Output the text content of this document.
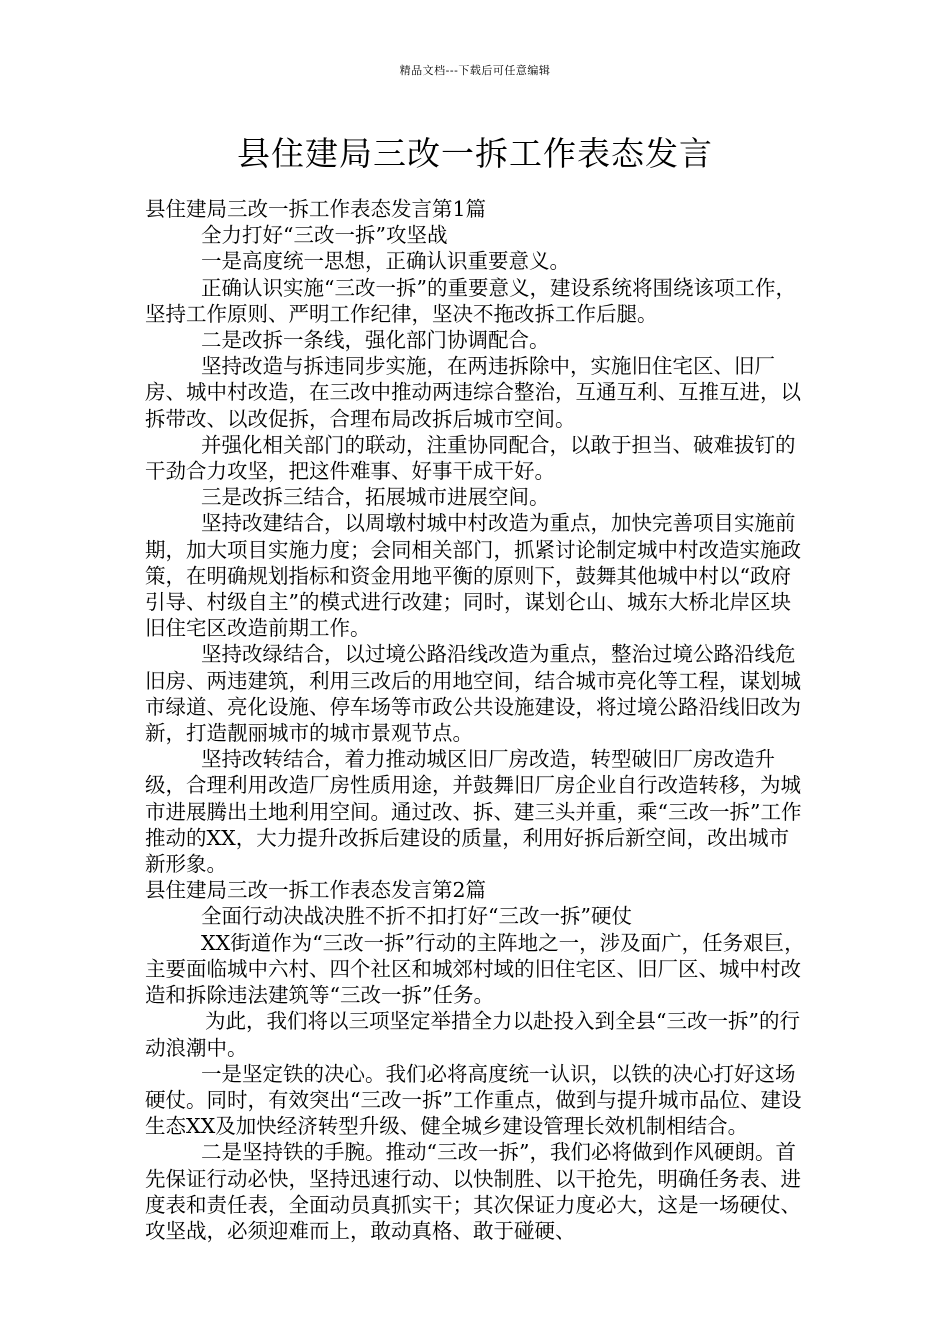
精品文档---下载后可任意编辑
县住建局三改一拆工作表态发言

县住建局三改一拆工作表态发言第1篇

全力打好“三改一拆”攻坚战

一是高度统一思想，正确认识重要意义。

正确认识实施“三改一拆”的重要意义，建设系统将围绕该项工作，坚持工作原则、严明工作纪律，坚决不拖改拆工作后腿。

二是改拆一条线，强化部门协调配合。

坚持改造与拆违同步实施，在两违拆除中，实施旧住宅区、旧厂房、城中村改造，在三改中推动两违综合整治，互通互利、互推互进，以拆带改、以改促拆，合理布局改拆后城市空间。

并强化相关部门的联动，注重协同配合，以敢于担当、破难拔钉的干劲合力攻坚，把这件难事、好事干成干好。

三是改拆三结合，拓展城市进展空间。

坚持改建结合，以周墩村城中村改造为重点，加快完善项目实施前期，加大项目实施力度；会同相关部门，抓紧讨论制定城中村改造实施政策，在明确规划指标和资金用地平衡的原则下，鼓舞其他城中村以“政府引导、村级自主”的模式进行改建；同时，谋划仑山、城东大桥北岸区块旧住宅区改造前期工作。

坚持改绿结合，以过境公路沿线改造为重点，整治过境公路沿线危旧房、两违建筑，利用三改后的用地空间，结合城市亮化等工程，谋划城市绿道、亮化设施、停车场等市政公共设施建设，将过境公路沿线旧改为新，打造靓丽城市的城市景观节点。

坚持改转结合，着力推动城区旧厂房改造，转型破旧厂房改造升级，合理利用改造厂房性质用途，并鼓舞旧厂房企业自行改造转移，为城市进展腾出土地利用空间。通过改、拆、建三头并重，乘“三改一拆”工作推动的XX，大力提升改拆后建设的质量，利用好拆后新空间，改出城市新形象。

县住建局三改一拆工作表态发言第2篇

全面行动决战决胜不折不扣打好“三改一拆”硬仗

XX街道作为“三改一拆”行动的主阵地之一，涉及面广，任务艰巨，主要面临城中六村、四个社区和城郊村域的旧住宅区、旧厂区、城中村改造和拆除违法建筑等“三改一拆”任务。

为此，我们将以三项坚定举措全力以赴投入到全县“三改一拆”的行动浪潮中。

一是坚定铁的决心。我们必将高度统一认识，以铁的决心打好这场硬仗。同时，有效突出“三改一拆”工作重点，做到与提升城市品位、建设生态XX及加快经济转型升级、健全城乡建设管理长效机制相结合。

二是坚持铁的手腕。推动“三改一拆”，我们必将做到作风硬朗。首先保证行动必快，坚持迅速行动、以快制胜、以干抢先，明确任务表、进度表和责任表，全面动员真抓实干；其次保证力度必大，这是一场硬仗、攻坚战，必须迎难而上，敢动真格、敢于碰硬、
